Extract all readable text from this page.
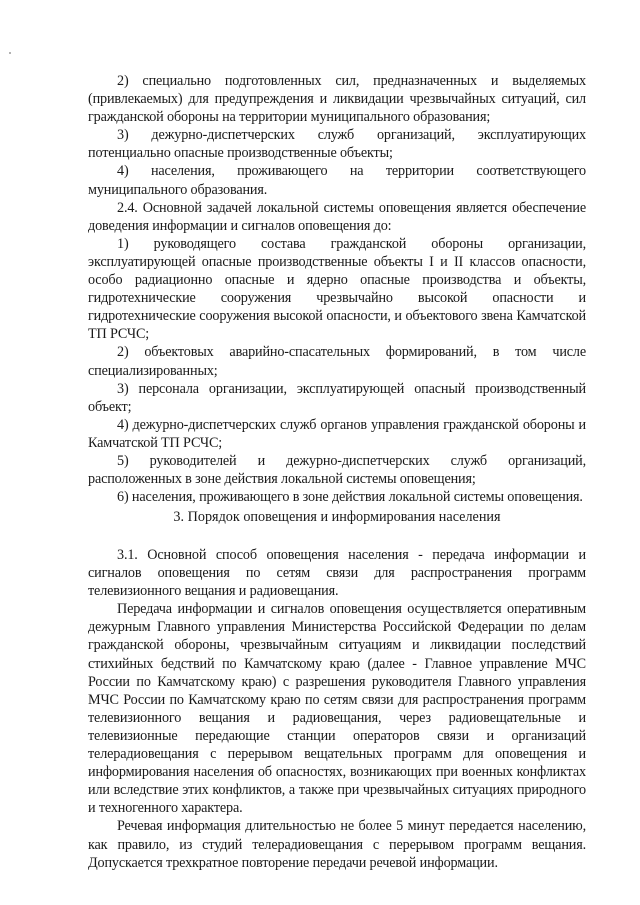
2) специально подготовленных сил, предназначенных и выделяемых (привлекаемых) для предупреждения и ликвидации чрезвычайных ситуаций, сил гражданской обороны на территории муниципального образования;

3) дежурно-диспетчерских служб организаций, эксплуатирующих потенциально опасные производственные объекты;

4) населения, проживающего на территории соответствующего муниципального образования.

2.4. Основной задачей локальной системы оповещения является обеспечение доведения информации и сигналов оповещения до:

1) руководящего состава гражданской обороны организации, эксплуатирующей опасные производственные объекты I и II классов опасности, особо радиационно опасные и ядерно опасные производства и объекты, гидротехнические сооружения чрезвычайно высокой опасности и гидротехнические сооружения высокой опасности, и объектового звена Камчатской ТП РСЧС;

2) объектовых аварийно-спасательных формирований, в том числе специализированных;

3) персонала организации, эксплуатирующей опасный производственный объект;

4) дежурно-диспетчерских служб органов управления гражданской обороны и Камчатской ТП РСЧС;

5) руководителей и дежурно-диспетчерских служб организаций, расположенных в зоне действия локальной системы оповещения;

6) населения, проживающего в зоне действия локальной системы оповещения.

3. Порядок оповещения и информирования населения

3.1. Основной способ оповещения населения - передача информации и сигналов оповещения по сетям связи для распространения программ телевизионного вещания и радиовещания.

Передача информации и сигналов оповещения осуществляется оперативным дежурным Главного управления Министерства Российской Федерации по делам гражданской обороны, чрезвычайным ситуациям и ликвидации последствий стихийных бедствий по Камчатскому краю (далее - Главное управление МЧС России по Камчатскому краю) с разрешения руководителя Главного управления МЧС России по Камчатскому краю по сетям связи для распространения программ телевизионного вещания и радиовещания, через радиовещательные и телевизионные передающие станции операторов связи и организаций телерадиовещания с перерывом вещательных программ для оповещения и информирования населения об опасностях, возникающих при военных конфликтах или вследствие этих конфликтов, а также при чрезвычайных ситуациях природного и техногенного характера.

Речевая информация длительностью не более 5 минут передается населению, как правило, из студий телерадиовещания с перерывом программ вещания. Допускается трехкратное повторение передачи речевой информации.
